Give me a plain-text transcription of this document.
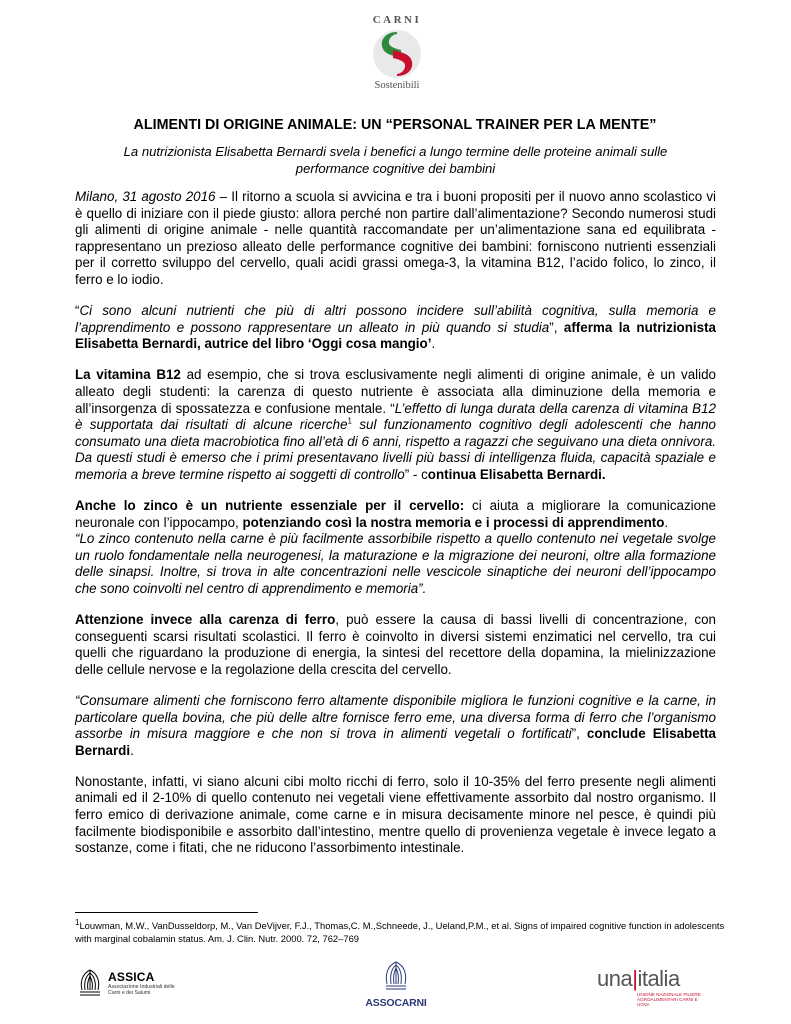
CARNI
Sostenibili
ALIMENTI DI ORIGINE ANIMALE: UN “PERSONAL TRAINER PER LA MENTE”

La nutrizionista Elisabetta Bernardi svela i benefici a lungo termine delle proteine animali sulle performance cognitive dei bambini

Milano, 31 agosto 2016 – Il ritorno a scuola si avvicina e tra i buoni propositi per il nuovo anno scolastico vi è quello di iniziare con il piede giusto: allora perché non partire dall’alimentazione? Secondo numerosi studi gli alimenti di origine animale - nelle quantità raccomandate per un’alimentazione sana ed equilibrata - rappresentano un prezioso alleato delle performance cognitive dei bambini: forniscono nutrienti essenziali per il corretto sviluppo del cervello, quali acidi grassi omega-3, la vitamina B12, l’acido folico, lo zinco, il ferro e lo iodio.

“Ci sono alcuni nutrienti che più di altri possono incidere sull’abilità cognitiva, sulla memoria e l’apprendimento e possono rappresentare un alleato in più quando si studia”, afferma la nutrizionista Elisabetta Bernardi, autrice del libro ‘Oggi cosa mangio’.

La vitamina B12 ad esempio, che si trova esclusivamente negli alimenti di origine animale, è un valido alleato degli studenti: la carenza di questo nutriente è associata alla diminuzione della memoria e all’insorgenza di spossatezza e confusione mentale. “L’effetto di lunga durata della carenza di vitamina B12 è supportata dai risultati di alcune ricerche$^1$ sul funzionamento cognitivo degli adolescenti che hanno consumato una dieta macrobiotica fino all’età di 6 anni, rispetto a ragazzi che seguivano una dieta onnivora. Da questi studi è emerso che i primi presentavano livelli più bassi di intelligenza fluida, capacità spaziale e memoria a breve termine rispetto ai soggetti di controllo” - continua Elisabetta Bernardi.

Anche lo zinco è un nutriente essenziale per il cervello: ci aiuta a migliorare la comunicazione neuronale con l’ippocampo, potenziando così la nostra memoria e i processi di apprendimento.
“Lo zinco contenuto nella carne è più facilmente assorbibile rispetto a quello contenuto nei vegetale svolge un ruolo fondamentale nella neurogenesi, la maturazione e la migrazione dei neuroni, oltre alla formazione delle sinapsi. Inoltre, si trova in alte concentrazioni nelle vescicole sinaptiche dei neuroni dell’ippocampo che sono coinvolti nel centro di apprendimento e memoria”.

Attenzione invece alla carenza di ferro, può essere la causa di bassi livelli di concentrazione, con conseguenti scarsi risultati scolastici. Il ferro è coinvolto in diversi sistemi enzimatici nel cervello, tra cui quelli che riguardano la produzione di energia, la sintesi del recettore della dopamina, la mielinizzazione delle cellule nervose e la regolazione della crescita del cervello.

“Consumare alimenti che forniscono ferro altamente disponibile migliora le funzioni cognitive e la carne, in particolare quella bovina, che più delle altre fornisce ferro eme, una diversa forma di ferro che l’organismo assorbe in misura maggiore e che non si trova in alimenti vegetali o fortificati”, conclude Elisabetta Bernardi.

Nonostante, infatti, vi siano alcuni cibi molto ricchi di ferro, solo il 10-35% del ferro presente negli alimenti animali ed il 2-10% di quello contenuto nei vegetali viene effettivamente assorbito dal nostro organismo. Il ferro emico di derivazione animale, come carne e in misura decisamente minore nel pesce, è quindi più facilmente biodisponibile e assorbito dall’intestino, mentre quello di provenienza vegetale è invece legato a sostanze, come i fitati, che ne riducono l’assorbimento intestinale.

$^1$Louwman, M.W., VanDusseldorp, M., Van DeVijver, F.J., Thomas,C. M.,Schneede, J., Ueland,P.M., et al. Signs of impaired cognitive function in adolescents with marginal cobalamin status. Am. J. Clin. Nutr. 2000. 72, 762–769

ASSICA
Associazione Industriali delle Carni e dei Salumi
ASSOCARNI
una|italia
UNIONE NAZIONALE FILIERE AGROALIMENTARI CARNI E UOVA
